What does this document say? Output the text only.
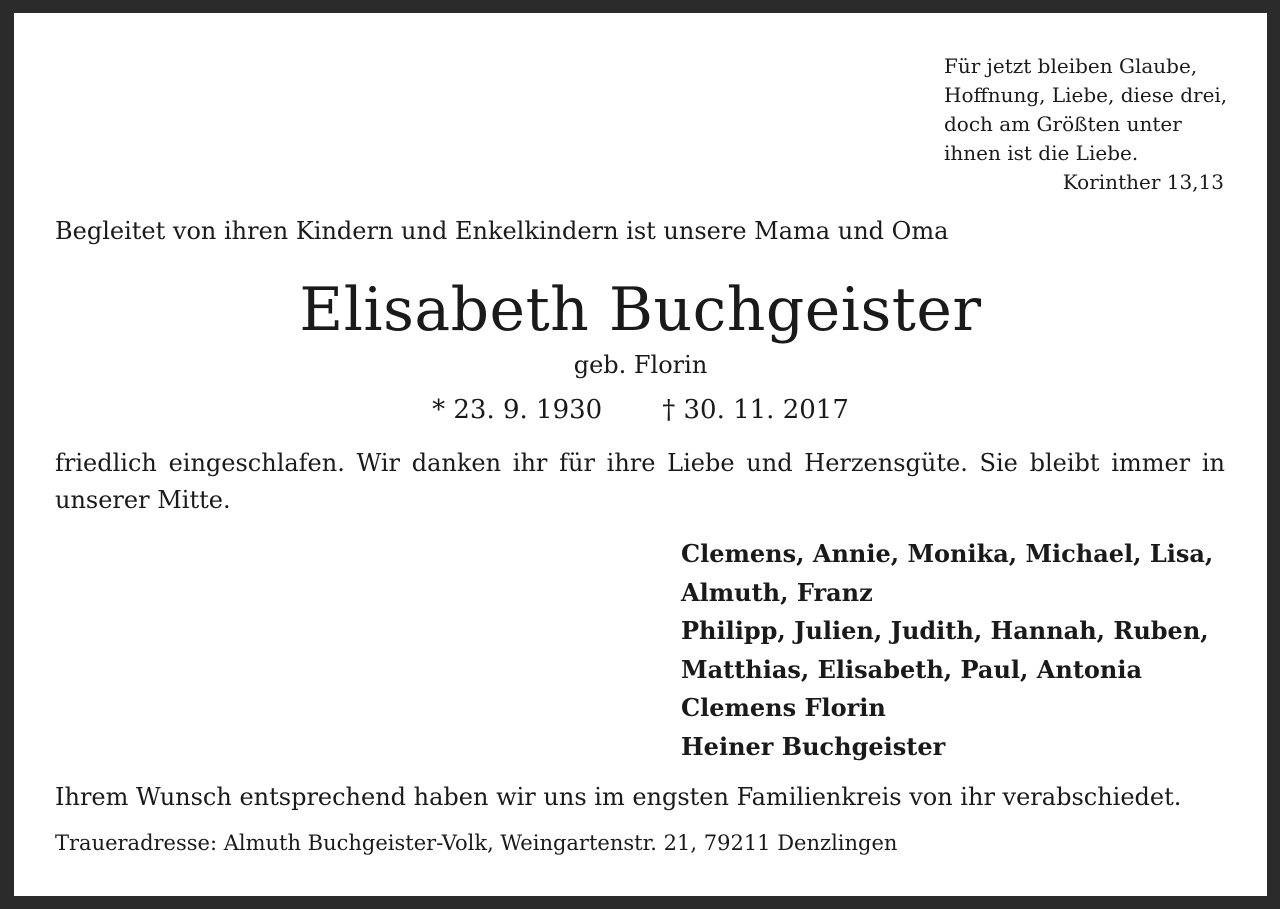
Für jetzt bleiben Glaube,
Hoffnung, Liebe, diese drei,
doch am Größten unter
ihnen ist die Liebe.
Korinther 13,13
Begleitet von ihren Kindern und Enkelkindern ist unsere Mama und Oma
Elisabeth Buchgeister
geb. Florin
* 23. 9. 1930 † 30. 11. 2017
friedlich eingeschlafen. Wir danken ihr für ihre Liebe und Herzensgüte. Sie bleibt immer in unserer Mitte.
Clemens, Annie, Monika, Michael, Lisa,
Almuth, Franz
Philipp, Julien, Judith, Hannah, Ruben,
Matthias, Elisabeth, Paul, Antonia
Clemens Florin
Heiner Buchgeister
Ihrem Wunsch entsprechend haben wir uns im engsten Familienkreis von ihr verabschiedet.
Traueradresse: Almuth Buchgeister-Volk, Weingartenstr. 21, 79211 Denzlingen
